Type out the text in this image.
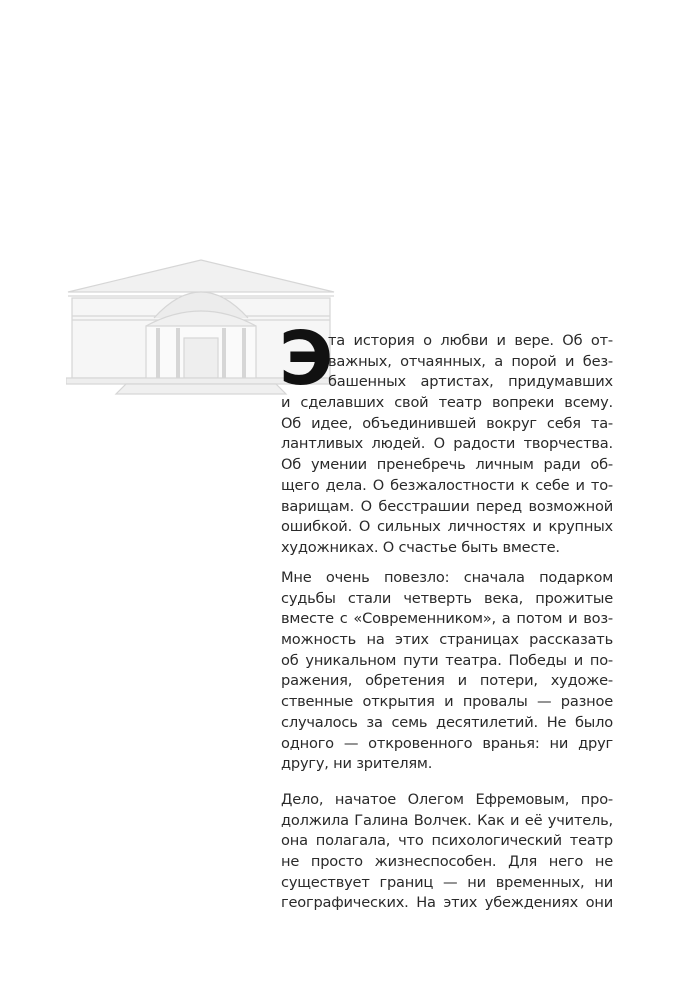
Э
та история о любви и вере. Об от-
важных, отчаянных, а порой и без-
башенных артистах, придумавших
и сделавших свой театр вопреки всему.
Об идее, объединившей вокруг себя та-
лантливых людей. О радости творчества.
Об умении пренебречь личным ради об-
щего дела. О безжалостности к себе и то-
варищам. О бесстрашии перед возможной
ошибкой. О сильных личностях и крупных
художниках. О счастье быть вместе.
Мне очень повезло: сначала подарком
судьбы стали четверть века, прожитые
вместе с «Современником», а потом и воз-
можность на этих страницах рассказать
об уникальном пути театра. Победы и по-
ражения, обретения и потери, художе-
ственные открытия и провалы — разное
случалось за семь десятилетий. Не было
одного — откровенного вранья: ни друг
другу, ни зрителям.
Дело, начатое Олегом Ефремовым, про-
должила Галина Волчек. Как и её учитель,
она полагала, что психологический театр
не просто жизнеспособен. Для него не
существует границ — ни временных, ни
географических. На этих убеждениях они
